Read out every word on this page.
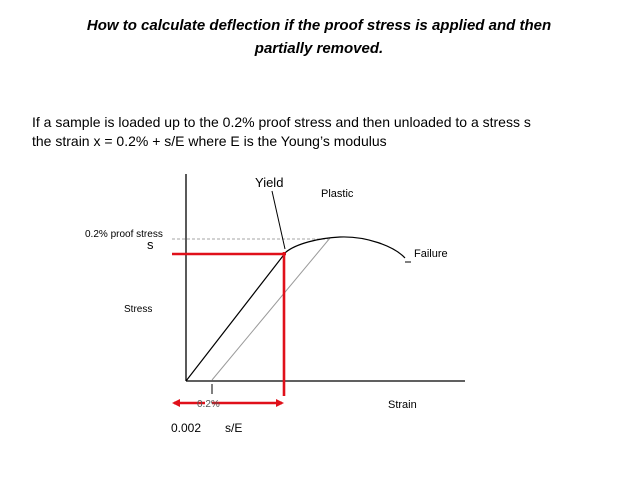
How to calculate deflection if the proof stress is applied and then
partially removed.
If a sample is loaded up to the 0.2% proof stress and then unloaded to a stress s
the strain x = 0.2% + s/E where E is the Young’s modulus
Yield
Plastic
0.2% proof stress
s
Failure
Stress
Strain
0.2%
0.002 s/E
